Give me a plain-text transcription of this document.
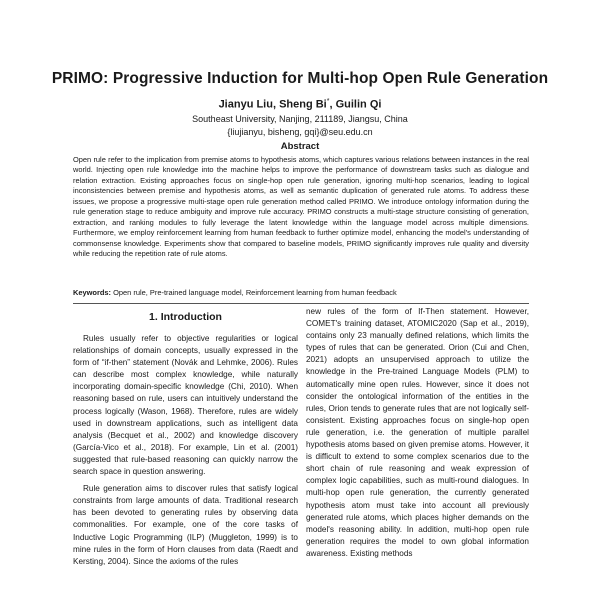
PRIMO: Progressive Induction for Multi-hop Open Rule Generation
Jianyu Liu, Sheng Bi*, Guilin Qi
Southeast University, Nanjing, 211189, Jiangsu, China
{liujianyu, bisheng, gqi}@seu.edu.cn
Abstract
Open rule refer to the implication from premise atoms to hypothesis atoms, which captures various relations between instances in the real world. Injecting open rule knowledge into the machine helps to improve the performance of downstream tasks such as dialogue and relation extraction. Existing approaches focus on single-hop open rule generation, ignoring multi-hop scenarios, leading to logical inconsistencies between premise and hypothesis atoms, as well as semantic duplication of generated rule atoms. To address these issues, we propose a progressive multi-stage open rule generation method called PRIMO. We introduce ontology information during the rule generation stage to reduce ambiguity and improve rule accuracy. PRIMO constructs a multi-stage structure consisting of generation, extraction, and ranking modules to fully leverage the latent knowledge within the language model across multiple dimensions. Furthermore, we employ reinforcement learning from human feedback to further optimize model, enhancing the model's understanding of commonsense knowledge. Experiments show that compared to baseline models, PRIMO significantly improves rule quality and diversity while reducing the repetition rate of rule atoms.
Keywords: Open rule, Pre-trained language model, Reinforcement learning from human feedback
1. Introduction

Rules usually refer to objective regularities or logical relationships of domain concepts, usually expressed in the form of “if-then” statement (Novák and Lehmke, 2006). Rules can describe most complex knowledge, while naturally incorporating domain-specific knowledge (Chi, 2010). When reasoning based on rule, users can intuitively understand the process logically (Wason, 1968). Therefore, rules are widely used in downstream applications, such as intelligent data analysis (Becquet et al., 2002) and knowledge discovery (García-Vico et al., 2018). For example, Lin et al. (2001) suggested that rule-based reasoning can quickly narrow the search space in question answering.

Rule generation aims to discover rules that satisfy logical constraints from large amounts of data. Traditional research has been devoted to generating rules by observing data commonalities. For example, one of the core tasks of Inductive Logic Programming (ILP) (Muggleton, 1999) is to mine rules in the form of Horn clauses from data (Raedt and Kersting, 2004). Since the axioms of the rules

new rules of the form of If-Then statement. However, COMET's training dataset, ATOMIC2020 (Sap et al., 2019), contains only 23 manually defined relations, which limits the types of rules that can be generated. Orion (Cui and Chen, 2021) adopts an unsupervised approach to utilize the knowledge in the Pre-trained Language Models (PLM) to automatically mine open rules. However, since it does not consider the ontological information of the entities in the rules, Orion tends to generate rules that are not logically self-consistent. Existing approaches focus on single-hop open rule generation, i.e. the generation of multiple parallel hypothesis atoms based on given premise atoms. However, it is difficult to extend to some complex scenarios due to the short chain of rule reasoning and weak expression of complex logic capabilities, such as multi-round dialogues. In multi-hop open rule generation, the currently generated hypothesis atom must take into account all previously generated rule atoms, which places higher demands on the model's reasoning ability. In addition, multi-hop open rule generation requires the model to own global information awareness. Existing methods
